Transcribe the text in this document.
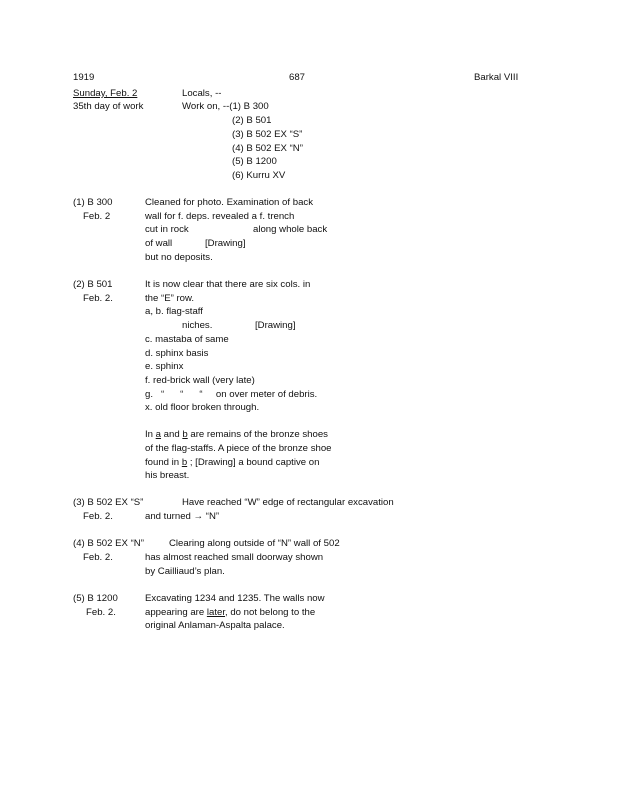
1919	687	Barkal VIII
Sunday, Feb. 2
35th day of work
Locals, --
Work on, --(1) B 300
(2) B 501
(3) B 502 EX “S”
(4) B 502 EX “N”
(5) B 1200
(6) Kurru XV
(1) B 300
Feb. 2
Cleaned for photo. Examination of back
wall for f. deps. revealed a f. trench
cut in rock	along whole back
of wall	[Drawing]
but no deposits.
(2) B 501
Feb. 2.
It is now clear that there are six cols. in
the “E” row.
a, b. flag-staff
niches.	[Drawing]
c. mastaba of same
d. sphinx basis
e. sphinx
f. red-brick wall (very late)
g.   “      “      “     on over meter of debris.
x. old floor broken through.
In a and b are remains of the bronze shoes
of the flag-staffs. A piece of the bronze shoe
found in b ; [Drawing] a bound captive on
his breast.
(3) B 502 EX “S”
Feb. 2.
Have reached “W” edge of rectangular excavation
and turned → “N”
(4) B 502 EX “N”
Feb. 2.
Clearing along outside of “N” wall of 502
has almost reached small doorway shown
by Cailliaud’s plan.
(5) B 1200
Feb. 2.
Excavating 1234 and 1235. The walls now
appearing are later, do not belong to the
original Anlaman-Aspalta palace.
